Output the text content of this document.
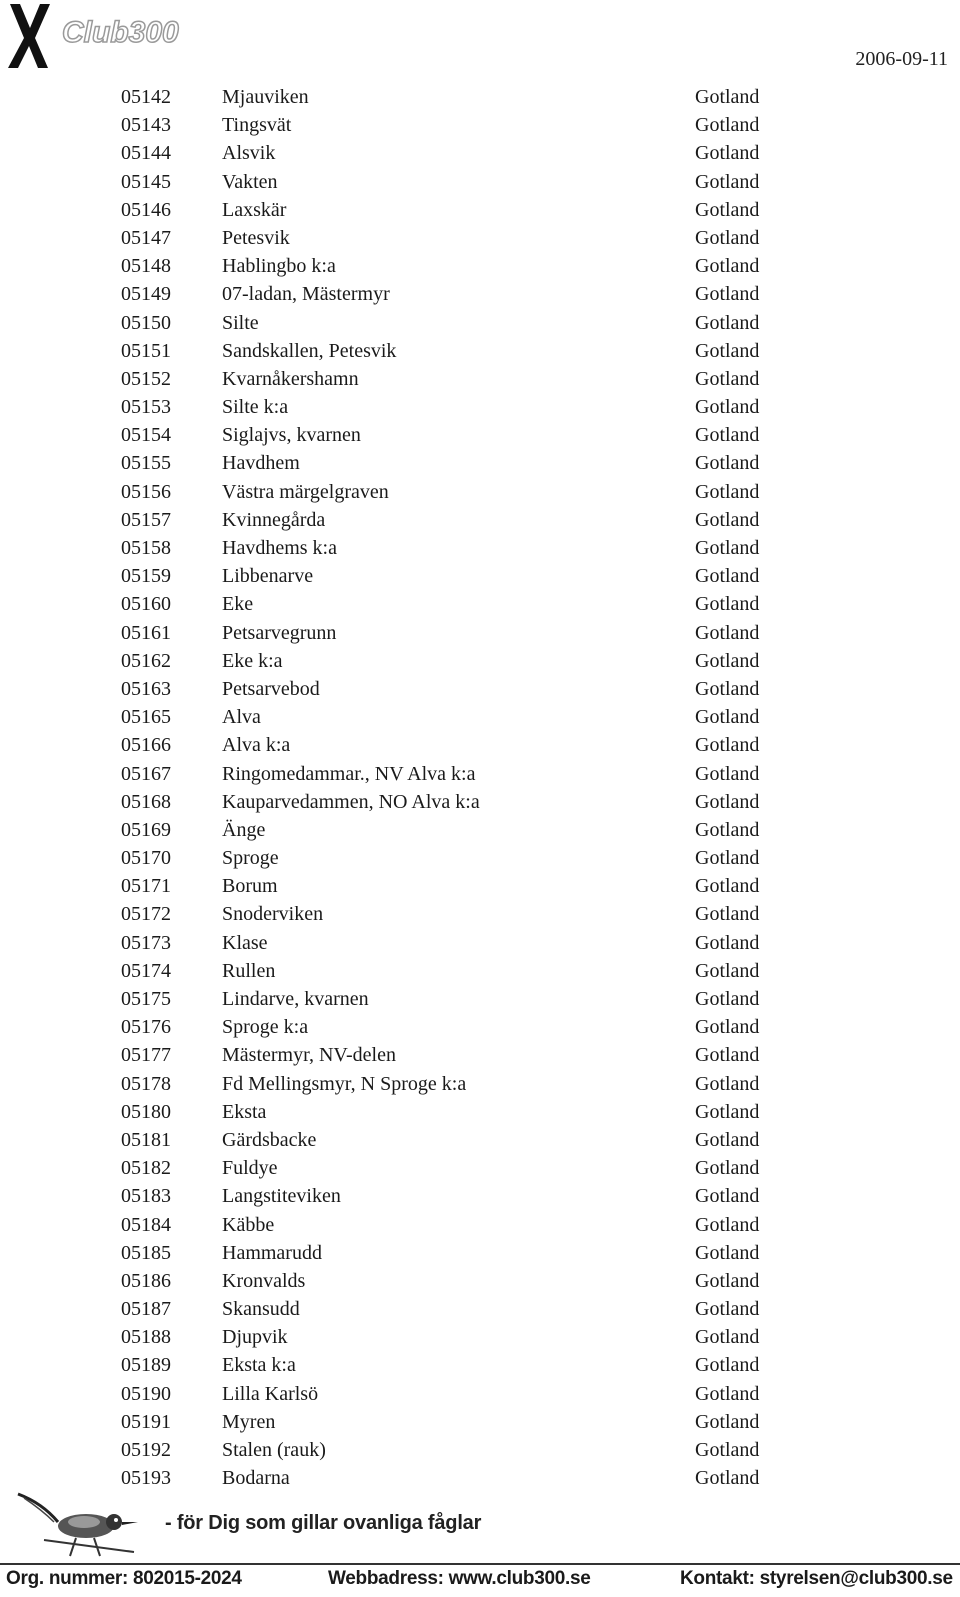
Club300
2006-09-11
05142	Mjauviken	Gotland
05143	Tingsvät	Gotland
05144	Alsvik	Gotland
05145	Vakten	Gotland
05146	Laxskär	Gotland
05147	Petesvik	Gotland
05148	Hablingbo k:a	Gotland
05149	07-ladan, Mästermyr	Gotland
05150	Silte	Gotland
05151	Sandskallen, Petesvik	Gotland
05152	Kvarnåkershamn	Gotland
05153	Silte k:a	Gotland
05154	Siglajvs, kvarnen	Gotland
05155	Havdhem	Gotland
05156	Västra märgelgraven	Gotland
05157	Kvinnegårda	Gotland
05158	Havdhems k:a	Gotland
05159	Libbenarve	Gotland
05160	Eke	Gotland
05161	Petsarvegrunn	Gotland
05162	Eke k:a	Gotland
05163	Petsarvebod	Gotland
05165	Alva	Gotland
05166	Alva k:a	Gotland
05167	Ringomedammar., NV Alva k:a	Gotland
05168	Kauparvedammen, NO Alva k:a	Gotland
05169	Änge	Gotland
05170	Sproge	Gotland
05171	Borum	Gotland
05172	Snoderviken	Gotland
05173	Klase	Gotland
05174	Rullen	Gotland
05175	Lindarve, kvarnen	Gotland
05176	Sproge k:a	Gotland
05177	Mästermyr, NV-delen	Gotland
05178	Fd Mellingsmyr, N Sproge k:a	Gotland
05180	Eksta	Gotland
05181	Gärdsbacke	Gotland
05182	Fuldye	Gotland
05183	Langstiteviken	Gotland
05184	Käbbe	Gotland
05185	Hammarudd	Gotland
05186	Kronvalds	Gotland
05187	Skansudd	Gotland
05188	Djupvik	Gotland
05189	Eksta k:a	Gotland
05190	Lilla Karlsö	Gotland
05191	Myren	Gotland
05192	Stalen (rauk)	Gotland
05193	Bodarna	Gotland
- för Dig som gillar ovanliga fåglar
Org. nummer: 802015-2024	Webbadress: www.club300.se	Kontakt: styrelsen@club300.se
